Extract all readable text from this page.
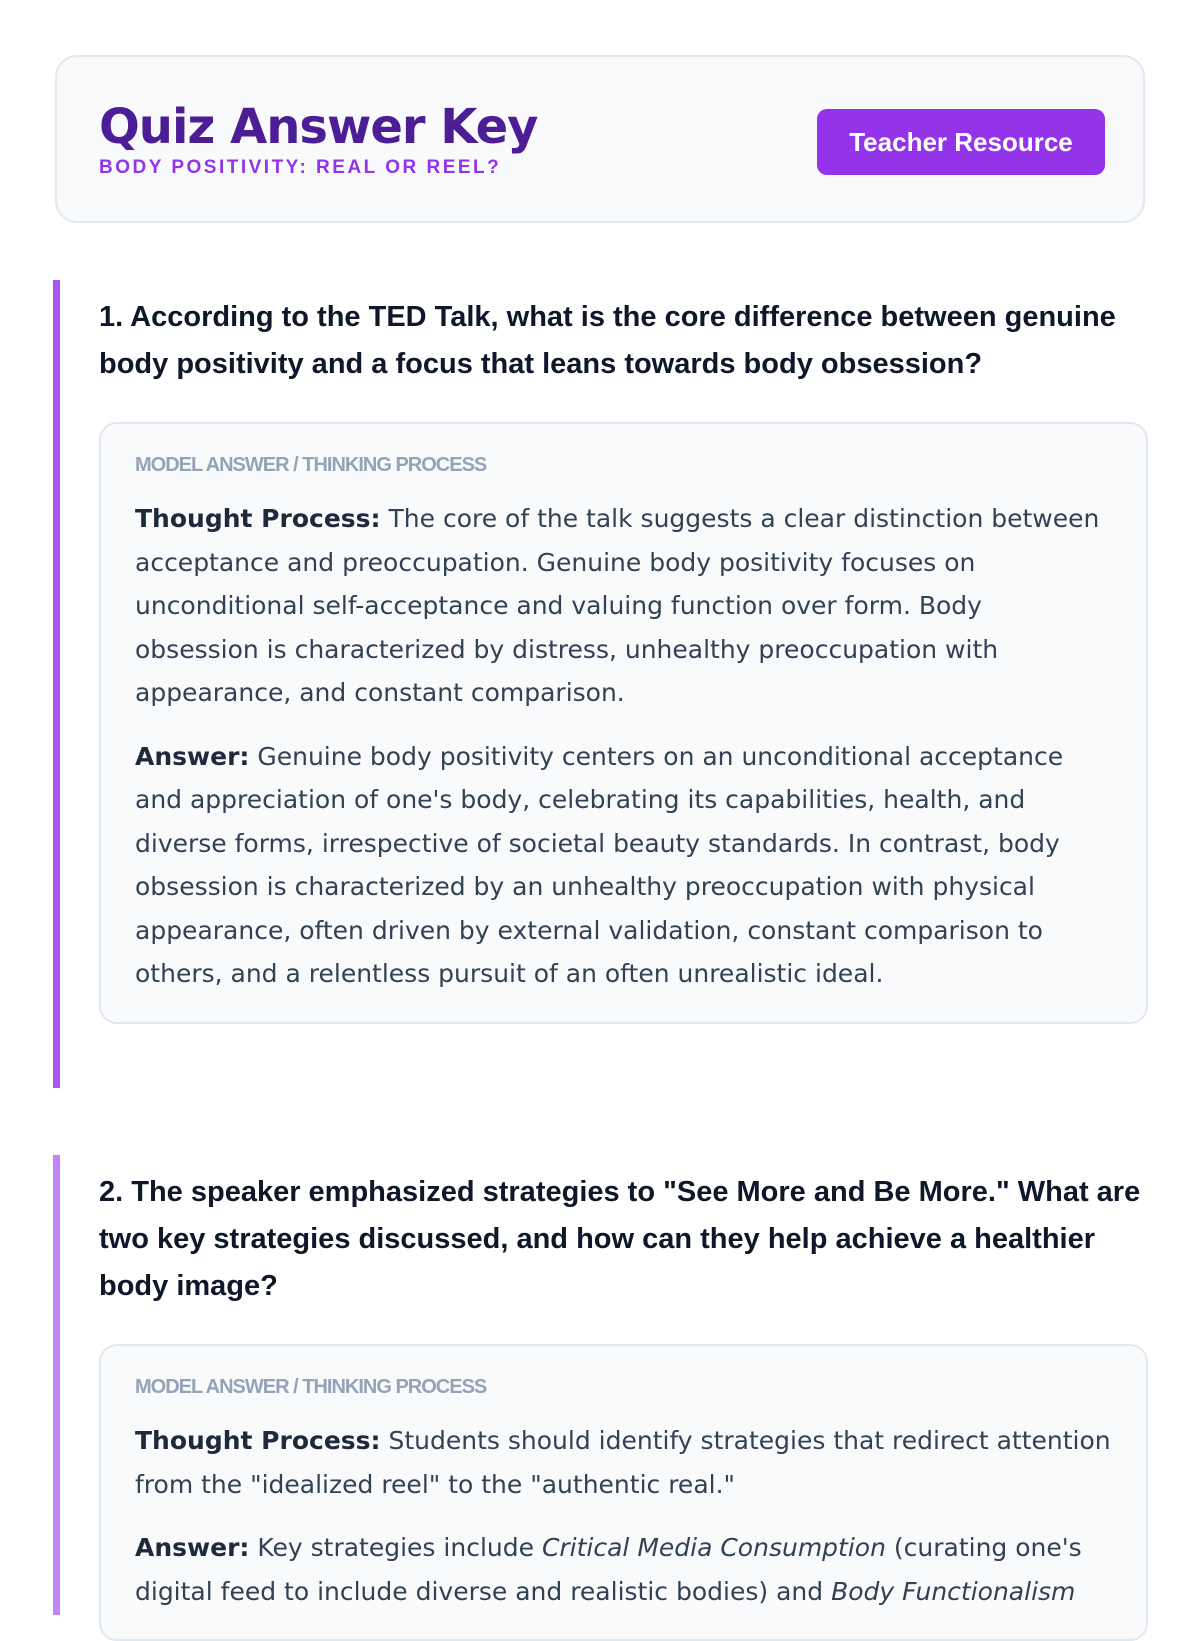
Quiz Answer Key
BODY POSITIVITY: REAL OR REEL?
Teacher Resource

1. According to the TED Talk, what is the core difference between genuine body positivity and a focus that leans towards body obsession?

MODEL ANSWER / THINKING PROCESS

Thought Process: The core of the talk suggests a clear distinction between acceptance and preoccupation. Genuine body positivity focuses on unconditional self-acceptance and valuing function over form. Body obsession is characterized by distress, unhealthy preoccupation with appearance, and constant comparison.

Answer: Genuine body positivity centers on an unconditional acceptance and appreciation of one's body, celebrating its capabilities, health, and diverse forms, irrespective of societal beauty standards. In contrast, body obsession is characterized by an unhealthy preoccupation with physical appearance, often driven by external validation, constant comparison to others, and a relentless pursuit of an often unrealistic ideal.

2. The speaker emphasized strategies to "See More and Be More." What are two key strategies discussed, and how can they help achieve a healthier body image?

MODEL ANSWER / THINKING PROCESS

Thought Process: Students should identify strategies that redirect attention from the "idealized reel" to the "authentic real."

Answer: Key strategies include Critical Media Consumption (curating one's digital feed to include diverse and realistic bodies) and Body Functionalism
